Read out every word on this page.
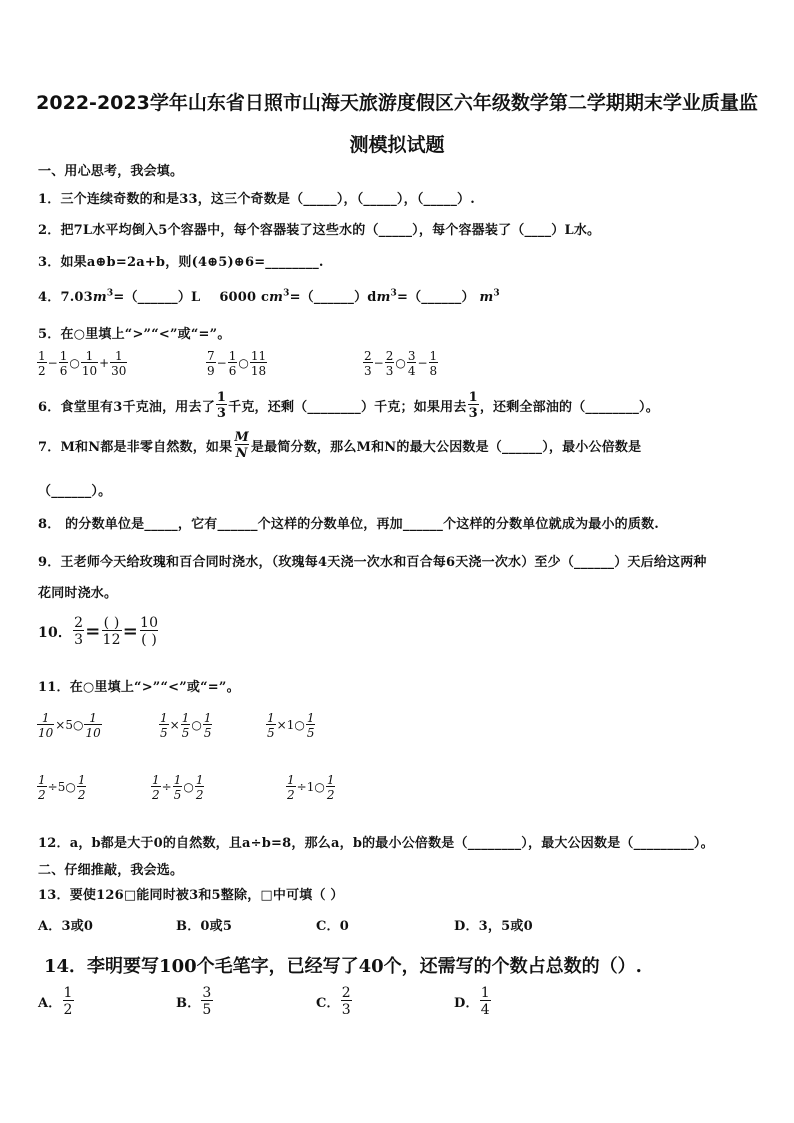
2022-2023学年山东省日照市山海天旅游度假区六年级数学第二学期期末学业质量监
测模拟试题
一、用心思考，我会填。
1．三个连续奇数的和是33，这三个奇数是（_____），（_____），（_____）.
2．把7L水平均倒入5个容器中，每个容器装了这些水的（_____），每个容器装了（____）L水。
3．如果a⊕b=2a+b，则(4⊕5)⊕6=________.
4．$7.03m^3=(\_\_\_\_\_\_)L$ 6000 $cm^3=(\_\_\_\_\_\_)dm^3=(\_\_\_\_\_\_)$ $m^3$
5．在○里填上“>”“<”或“=”。
$\frac{1}{2} - \frac{1}{6}$ ○ $\frac{1}{10} + \frac{1}{30}$	$\frac{7}{9} - \frac{1}{6}$ ○ $\frac{11}{18}$	$\frac{2}{3} - \frac{2}{3}$ ○ $\frac{3}{4} - \frac{1}{8}$
6．食堂里有3千克油，用去了 $\frac{1}{3}$ 千克，还剩（________）千克；如果用去 $\frac{1}{3}$ ，还剩全部油的（________）。
7．M和N都是非零自然数，如果 $\frac{M}{N}$ 是最简分数，那么M和N的最大公因数是（______），最小公倍数是
（______）。
8． 的分数单位是_____，它有______个这样的分数单位，再加______个这样的分数单位就成为最小的质数.
9．王老师今天给玫瑰和百合同时浇水，（玫瑰每4天浇一次水和百合每6天浇一次水）至少（______）天后给这两种
花同时浇水。
10． $\frac{2}{3} = \frac{( )}{12} = \frac{10}{( )}$
11．在○里填上“>”“<”或“=”。
$\frac{1}{10}$ ×5○ $\frac{1}{10}$	$\frac{1}{5} \times \frac{1}{5}$ ○ $\frac{1}{5}$	$\frac{1}{5}$ ×1○ $\frac{1}{5}$
$\frac{1}{2}$ ÷5○ $\frac{1}{2}$	$\frac{1}{2} \div \frac{1}{5}$ ○ $\frac{1}{2}$	$\frac{1}{2}$ ÷1○ $\frac{1}{2}$
12．a，b都是大于0的自然数，且a÷b=8，那么a，b的最小公倍数是（________），最大公因数是（_________）。
二、仔细推敲，我会选。
13．要使126□能同时被3和5整除，□中可填（ ）
A．3或0	B．0或5	C．0	D．3，5或0
14．李明要写100个毛笔字，已经写了40个，还需写的个数占总数的（）.
A． $\frac{1}{2}$	B． $\frac{3}{5}$	C． $\frac{2}{3}$	D． $\frac{1}{4}$
